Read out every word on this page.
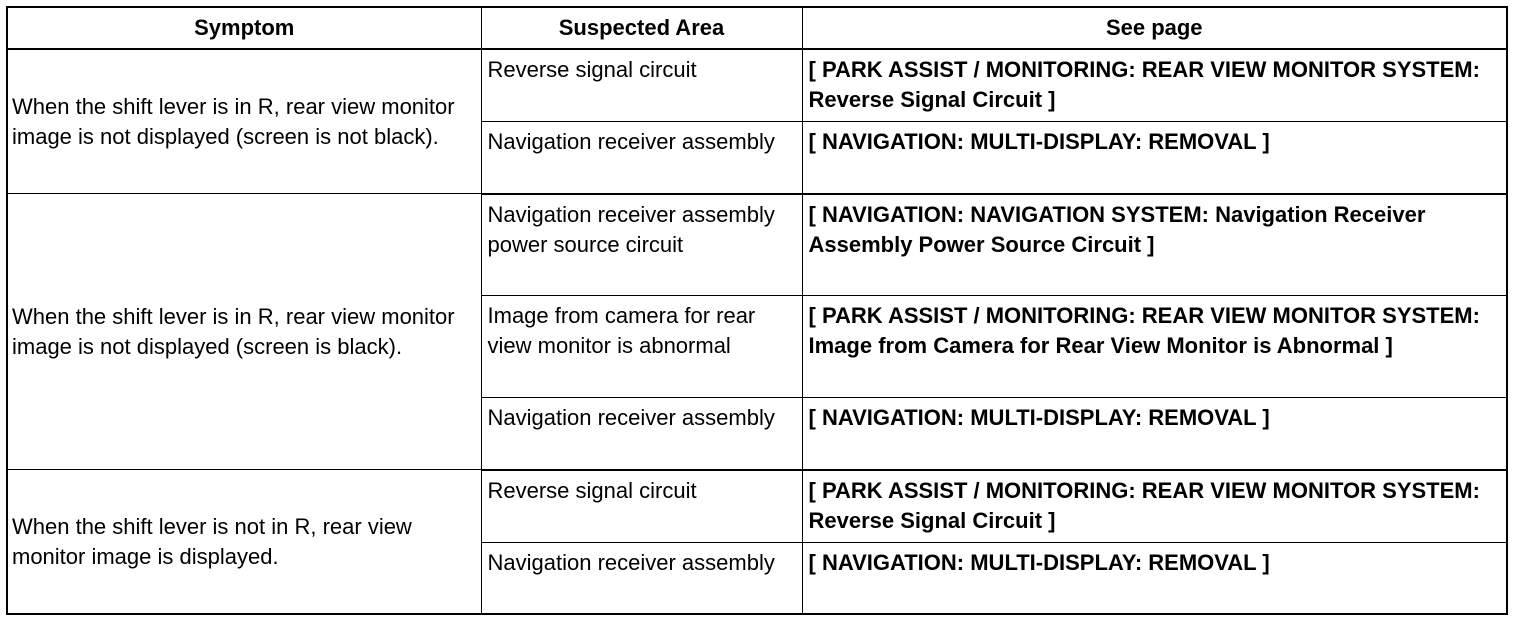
Symptom	Suspected Area	See page
When the shift lever is in R, rear view monitor image is not displayed (screen is not black).	Reverse signal circuit	[ PARK ASSIST / MONITORING: REAR VIEW MONITOR SYSTEM: Reverse Signal Circuit ]

	Navigation receiver assembly	[ NAVIGATION: MULTI-DISPLAY: REMOVAL ]

When the shift lever is in R, rear view monitor image is not displayed (screen is black).	Navigation receiver assembly power source circuit	[ NAVIGATION: NAVIGATION SYSTEM: Navigation Receiver Assembly Power Source Circuit ]

	Image from camera for rear view monitor is abnormal	[ PARK ASSIST / MONITORING: REAR VIEW MONITOR SYSTEM: Image from Camera for Rear View Monitor is Abnormal ]

	Navigation receiver assembly	[ NAVIGATION: MULTI-DISPLAY: REMOVAL ]

When the shift lever is not in R, rear view monitor image is displayed.	Reverse signal circuit	[ PARK ASSIST / MONITORING: REAR VIEW MONITOR SYSTEM: Reverse Signal Circuit ]

	Navigation receiver assembly	[ NAVIGATION: MULTI-DISPLAY: REMOVAL ]
